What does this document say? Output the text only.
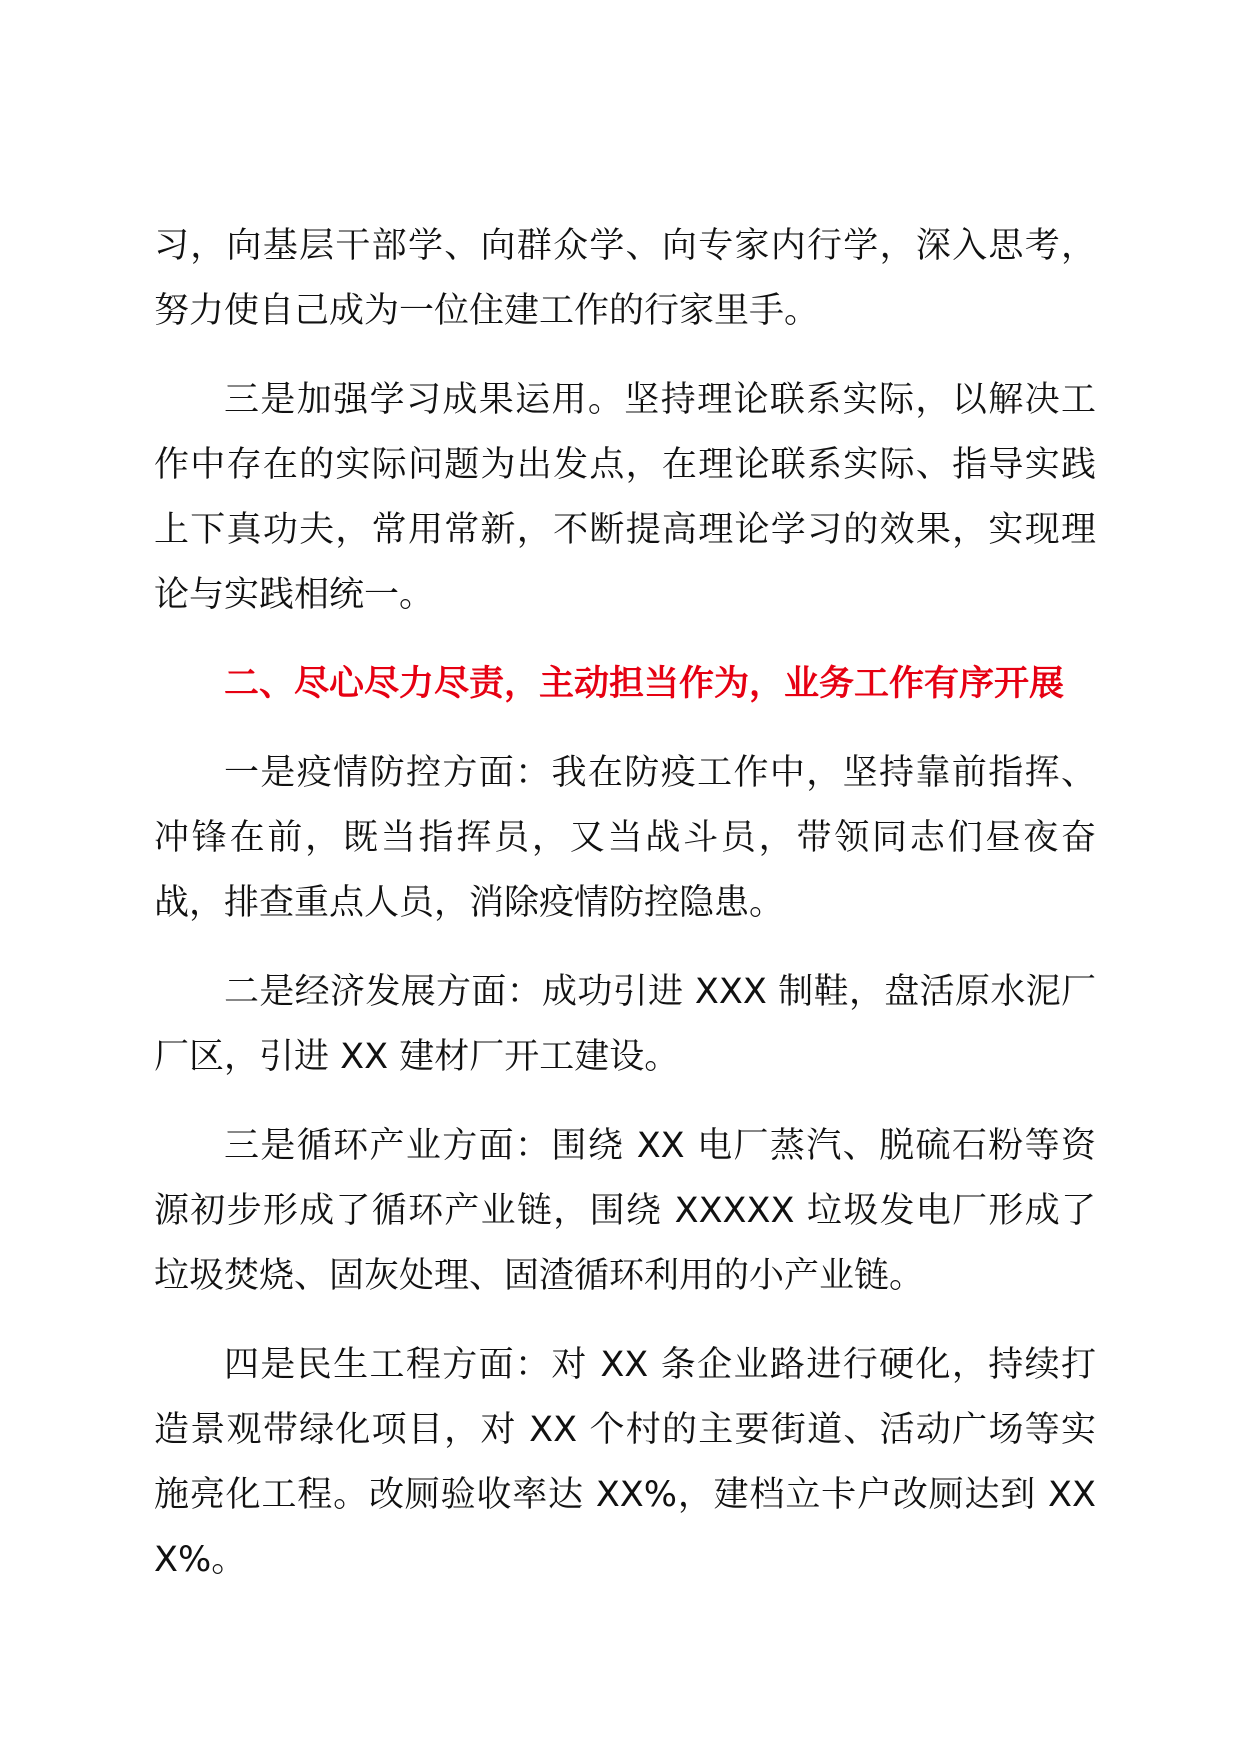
习，向基层干部学、向群众学、向专家内行学，深入思考，努力使自己成为一位住建工作的行家里手。

三是加强学习成果运用。坚持理论联系实际，以解决工作中存在的实际问题为出发点，在理论联系实际、指导实践上下真功夫，常用常新，不断提高理论学习的效果，实现理论与实践相统一。

二、尽心尽力尽责，主动担当作为，业务工作有序开展

一是疫情防控方面：我在防疫工作中，坚持靠前指挥、冲锋在前，既当指挥员，又当战斗员，带领同志们昼夜奋战，排查重点人员，消除疫情防控隐患。

二是经济发展方面：成功引进 XXX 制鞋，盘活原水泥厂厂区，引进 XX 建材厂开工建设。

三是循环产业方面：围绕 XX 电厂蒸汽、脱硫石粉等资源初步形成了循环产业链，围绕 XXXXX 垃圾发电厂形成了垃圾焚烧、固灰处理、固渣循环利用的小产业链。

四是民生工程方面：对 XX 条企业路进行硬化，持续打造景观带绿化项目，对 XX 个村的主要街道、活动广场等实施亮化工程。改厕验收率达 XX%，建档立卡户改厕达到 XXX%。
